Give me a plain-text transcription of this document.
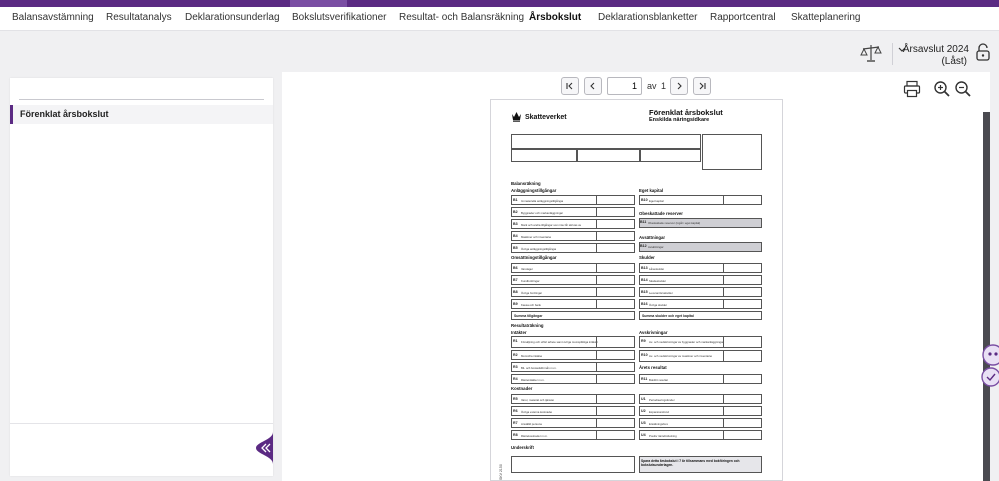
Balansavstämning Resultatanalys Deklarationsunderlag Bokslutsverifikationer Resultat- och Balansräkning Årsbokslut Deklarationsblanketter Rapportcentral Skatteplanering
Årsavslut 2024
(Låst)
Förenklat årsbokslut
1
av 1
Skatteverket
Förenklat årsbokslut
Enskilda näringsidkare
Balansräkning
Anläggningstillgångar
B1 Immateriella anläggningstillgångar
B2 Byggnader och markanläggningar
B3 Mark och andra tillgångar som inte får skrivas av
B4 Maskiner och inventarier
B5 Övriga anläggningstillgångar
Omsättningstillgångar
B6 Varulager
B7 Kundfordringar
B8 Övriga fordringar
B9 Kassa och bank
Summa tillgångar
Eget kapital
B10 Eget kapital
Obeskattade reserver
B11 Obeskattade reserver (ingår i eget kapital)
Avsättningar
B12 Avsättningar
Skulder
B13 Låneskulder
B14 Skatteskulder
B15 Leverantörsskulder
B16 Övriga skulder
Summa skulder och eget kapital
Resultaträkning
Intäkter
R1 Försäljning och utfört arbete samt övriga momspliktiga intäkter
R2 Momsfria intäkter
R3 Bil- och bostadsförmån m.m.
R4 Ränteintäkter m.m.
Kostnader
R5 Varor, material och tjänster
R6 Övriga externa kostnader
R7 Anställd personal
R8 Räntekostnader m.m.
Avskrivningar
R9 Av- och nedskrivningar av byggnader och markanläggningar
R10 Av- och nedskrivningar av maskiner och inventarier
Årets resultat
R11 Bokfört resultat
U1 Periodiseringsfonder
U2 Expansionsfond
U3 Ersättningsfond
U4 Positiv räntefördelning
Underskrift
Spara detta årsbokslut i 7 år tillsammans med bokföringen och bokslutsunderlagen.
SKV 2150
